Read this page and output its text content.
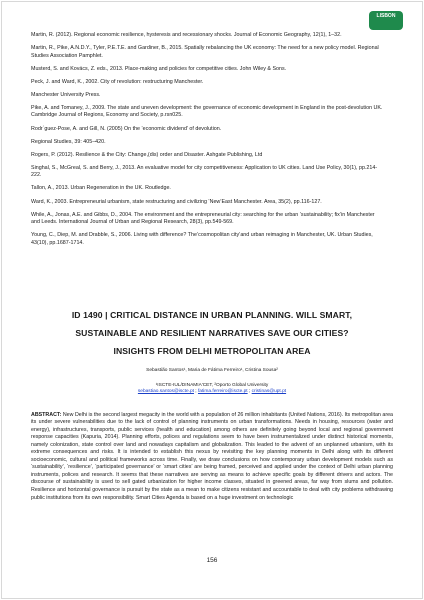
LISBON

Martin, R. (2012). Regional economic resilience, hysteresis and recessionary shocks. Journal of Economic Geography, 12(1), 1–32.

Martin, R., Pike, A.N.D.Y., Tyler, P.E.T.E. and Gardiner, B., 2015. Spatially rebalancing the UK economy: The need for a new policy model. Regional Studies Association Pamphlet.

Musterd, S. and Kovács, Z. eds., 2013. Place-making and policies for competitive cities. John Wiley & Sons.

Peck, J. and Ward, K., 2002. City of revolution: restructuring Manchester.

Manchester University Press.

Pike, A. and Tomaney, J., 2009. The state and uneven development: the governance of economic development in England in the post-devolution UK. Cambridge Journal of Regions, Economy and Society, p.rsn025.

Rodr´guez-Pose, A. and Gill, N. (2005) On the ‘economic dividend’ of devolution.

Regional Studies, 39: 405–420.

Rogers, P. (2012). Resilience & the City: Change,(dis) order and Disaster. Ashgate Publishing, Ltd

Singhal, S., McGreal, S. and Berry, J., 2013. An evaluative model for city competitiveness: Application to UK cities. Land Use Policy, 30(1), pp.214-222.

Tallon, A., 2013. Urban Regeneration in the UK. Routledge.

Ward, K., 2003. Entrepreneurial urbanism, state restructuring and civilizing ‘New’East Manchester. Area, 35(2), pp.116-127.

While, A., Jonas, A.E. and Gibbs, D., 2004. The environment and the entrepreneurial city: searching for the urban ‘sustainability; fix’in Manchester and Leeds. International Journal of Urban and Regional Research, 28(3), pp.549-569.

Young, C., Diep, M. and Drabble, S., 2006. Living with difference? The’cosmopolitan city’and urban reimaging in Manchester, UK. Urban Studies, 43(10), pp.1687-1714.

ID 1490 | CRITICAL DISTANCE IN URBAN PLANNING. WILL SMART,
SUSTAINABLE AND RESILIENT NARRATIVES SAVE OUR CITIES?
INSIGHTS FROM DELHI METROPOLITAN AREA
Sebastião Santos¹, Maria de Fátima Ferreiro¹, Cristina Sousa²
¹ISCTE-IUL/DINAMIA'CET, ²Oporto Global University
sebastiao.santos@iscte.pt ; fatima.ferreiro@iscte.pt ; cristinas@upt.pt

ABSTRACT: New Delhi is the second largest megacity in the world with a population of 26 million inhabitants (United Nations, 2016). Its metropolitan area its under severe vulnerabilities due to the lack of control of planning instruments on urban transformations. Needs in housing, resources (water and energy), infrastructures, transports, public services (health and education) among others are definitely going beyond local and regional government response capacities (Kapuria, 2014). Planning efforts, polices and regulations seem to have been instrumentalized under distinct historical moments, namely colonization, state control over land and nowadays capitalism and globalization. This leaded to the advent of an unplanned urbanism, with its extreme consequences and risks. It is intended to establish this nexus by revisiting the key planning moments in Delhi along with its different socioeconomic, cultural and political frameworks across time. Finally, we draw conclusions on how contemporary urban development models such as ‘sustainability’, ‘resilience’, ‘participated governance’ or ‘smart cities’ are being framed, perceived and applied under the context of Delhi urban planning instruments, polices and research. It seems that these narratives are serving as means to achieve specific goals by different drivers and actors. The discourse of sustainability is used to sell gated urbanization for higher income classes, situated in greened areas, far way from slums and pollution. Resilience and horizontal governance is pursuit by the state as a mean to make citizens resistant and accountable to deal with city problems withdrawing public institutions from its own responsibility. Smart Cities Agenda is based on a huge investment on technologic

156
